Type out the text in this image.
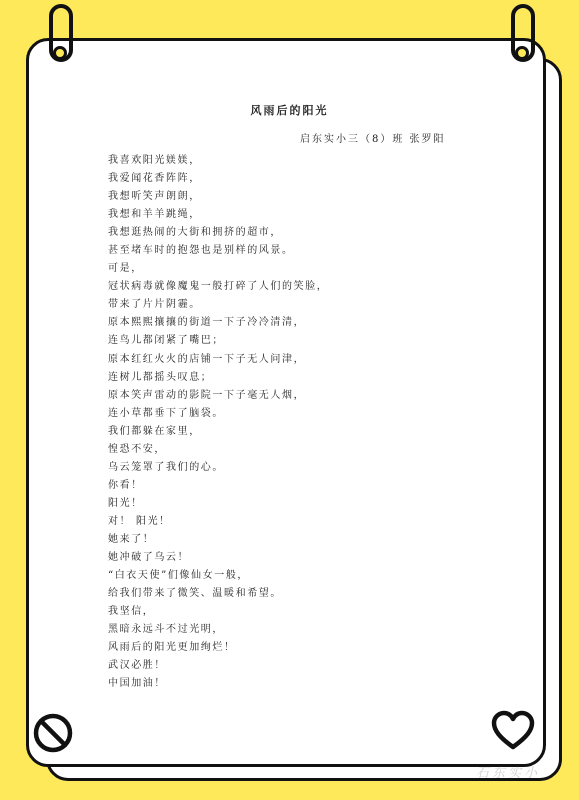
风雨后的阳光
启东实小三（8）班 张罗阳
我喜欢阳光媄媄，
我爱闻花香阵阵，
我想听笑声朗朗，
我想和羊羊跳绳，
我想逛热闹的大街和拥挤的超市，
甚至堵车时的抱怨也是别样的风景。
可是，
冠状病毒就像魔鬼一般打碎了人们的笑脸，
带来了片片阴霾。
原本熙熙攘攘的街道一下子冷冷清清，
连鸟儿都闭紧了嘴巴；
原本红红火火的店铺一下子无人问津，
连树儿都摇头叹息；
原本笑声雷动的影院一下子毫无人烟，
连小草都垂下了脑袋。
我们都躲在家里，
惶恐不安，
乌云笼罩了我们的心。
你看！
阳光！
对！ 阳光！
她来了！
她冲破了乌云！
“白衣天使”们像仙女一般，
给我们带来了微笑、温暖和希望。
我坚信，
黑暗永远斗不过光明，
风雨后的阳光更加绚烂！
武汉必胜！
中国加油！
石东实小
